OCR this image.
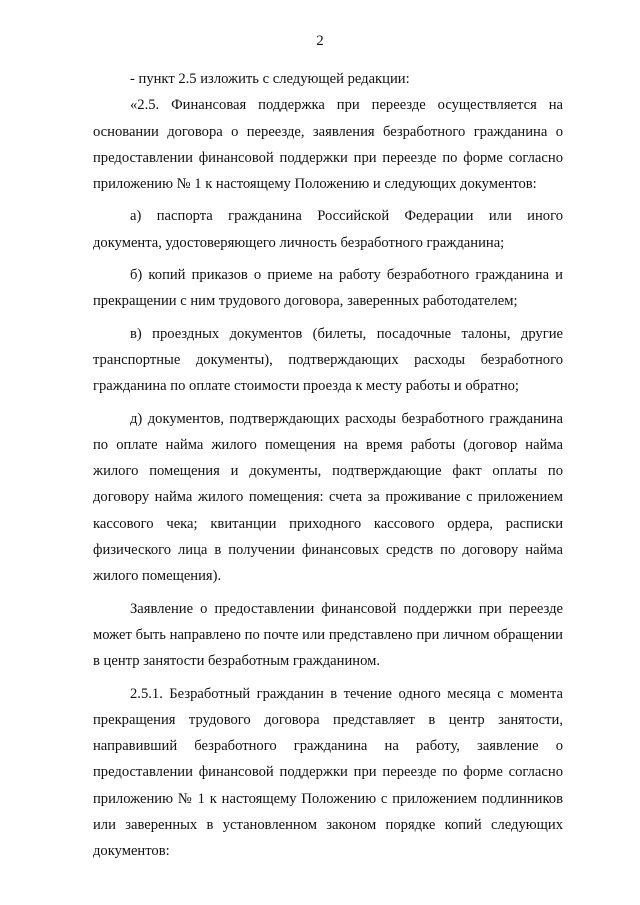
2

- пункт 2.5 изложить с следующей редакции:

«2.5. Финансовая поддержка при переезде осуществляется на основании договора о переезде, заявления безработного гражданина о предоставлении финансовой поддержки при переезде по форме согласно приложению № 1 к настоящему Положению и следующих документов:

а) паспорта гражданина Российской Федерации или иного документа, удостоверяющего личность безработного гражданина;

б) копий приказов о приеме на работу безработного гражданина и прекращении с ним трудового договора, заверенных работодателем;

в) проездных документов (билеты, посадочные талоны, другие транспортные документы), подтверждающих расходы безработного гражданина по оплате стоимости проезда к месту работы и обратно;

д) документов, подтверждающих расходы безработного гражданина по оплате найма жилого помещения на время работы (договор найма жилого помещения и документы, подтверждающие факт оплаты по договору найма жилого помещения: счета за проживание с приложением кассового чека; квитанции приходного кассового ордера, расписки физического лица в получении финансовых средств по договору найма жилого помещения).

Заявление о предоставлении финансовой поддержки при переезде может быть направлено по почте или представлено при личном обращении в центр занятости безработным гражданином.

2.5.1. Безработный гражданин в течение одного месяца с момента прекращения трудового договора представляет в центр занятости, направивший безработного гражданина на работу, заявление о предоставлении финансовой поддержки при переезде по форме согласно приложению № 1 к настоящему Положению с приложением подлинников или заверенных в установленном законом порядке копий следующих документов:
